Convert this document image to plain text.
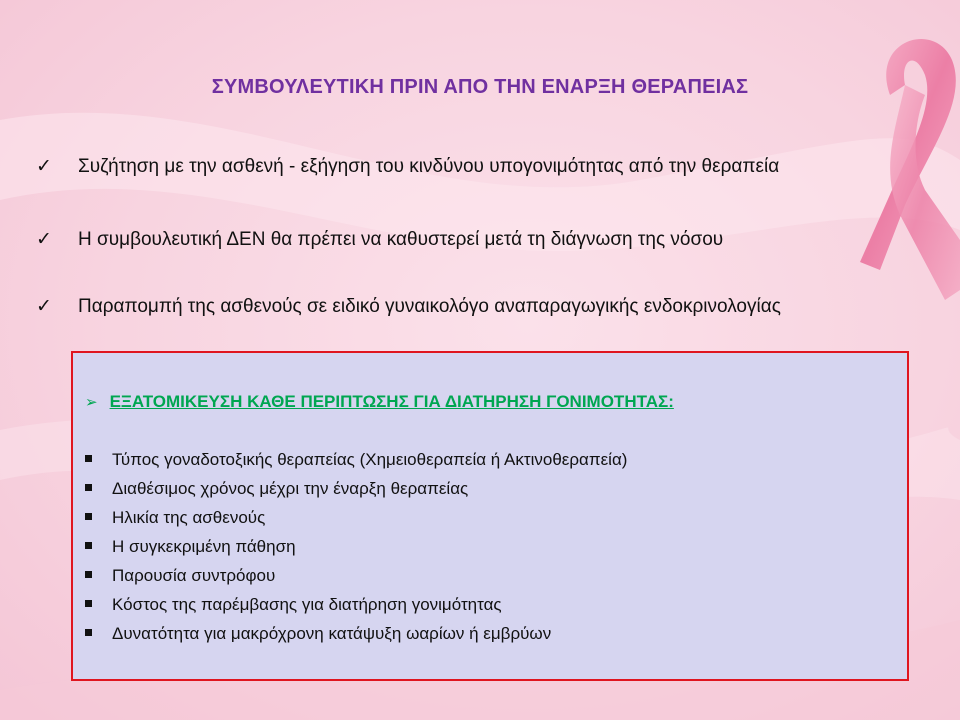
ΣΥΜΒΟΥΛΕΥΤΙΚΗ ΠΡΙΝ ΑΠΟ ΤΗΝ ΕΝΑΡΞΗ ΘΕΡΑΠΕΙΑΣ
✓ Συζήτηση με την ασθενή - εξήγηση του κινδύνου υπογονιμότητας από την θεραπεία
✓ Η συμβουλευτική ΔΕΝ θα πρέπει να καθυστερεί μετά τη διάγνωση της νόσου
✓ Παραπομπή της ασθενούς σε ειδικό γυναικολόγο αναπαραγωγικής ενδοκρινολογίας
➢ ΕΞΑΤΟΜΙΚΕΥΣΗ ΚΑΘΕ ΠΕΡΙΠΤΩΣΗΣ ΓΙΑ ΔΙΑΤΗΡΗΣΗ ΓΟΝΙΜΟΤΗΤΑΣ:
Τύπος γοναδοτοξικής θεραπείας (Χημειοθεραπεία ή Ακτινοθεραπεία)
Διαθέσιμος χρόνος μέχρι την έναρξη θεραπείας
Ηλικία της ασθενούς
Η συγκεκριμένη πάθηση
Παρουσία συντρόφου
Κόστος της παρέμβασης για διατήρηση γονιμότητας
Δυνατότητα για μακρόχρονη κατάψυξη ωαρίων ή εμβρύων
